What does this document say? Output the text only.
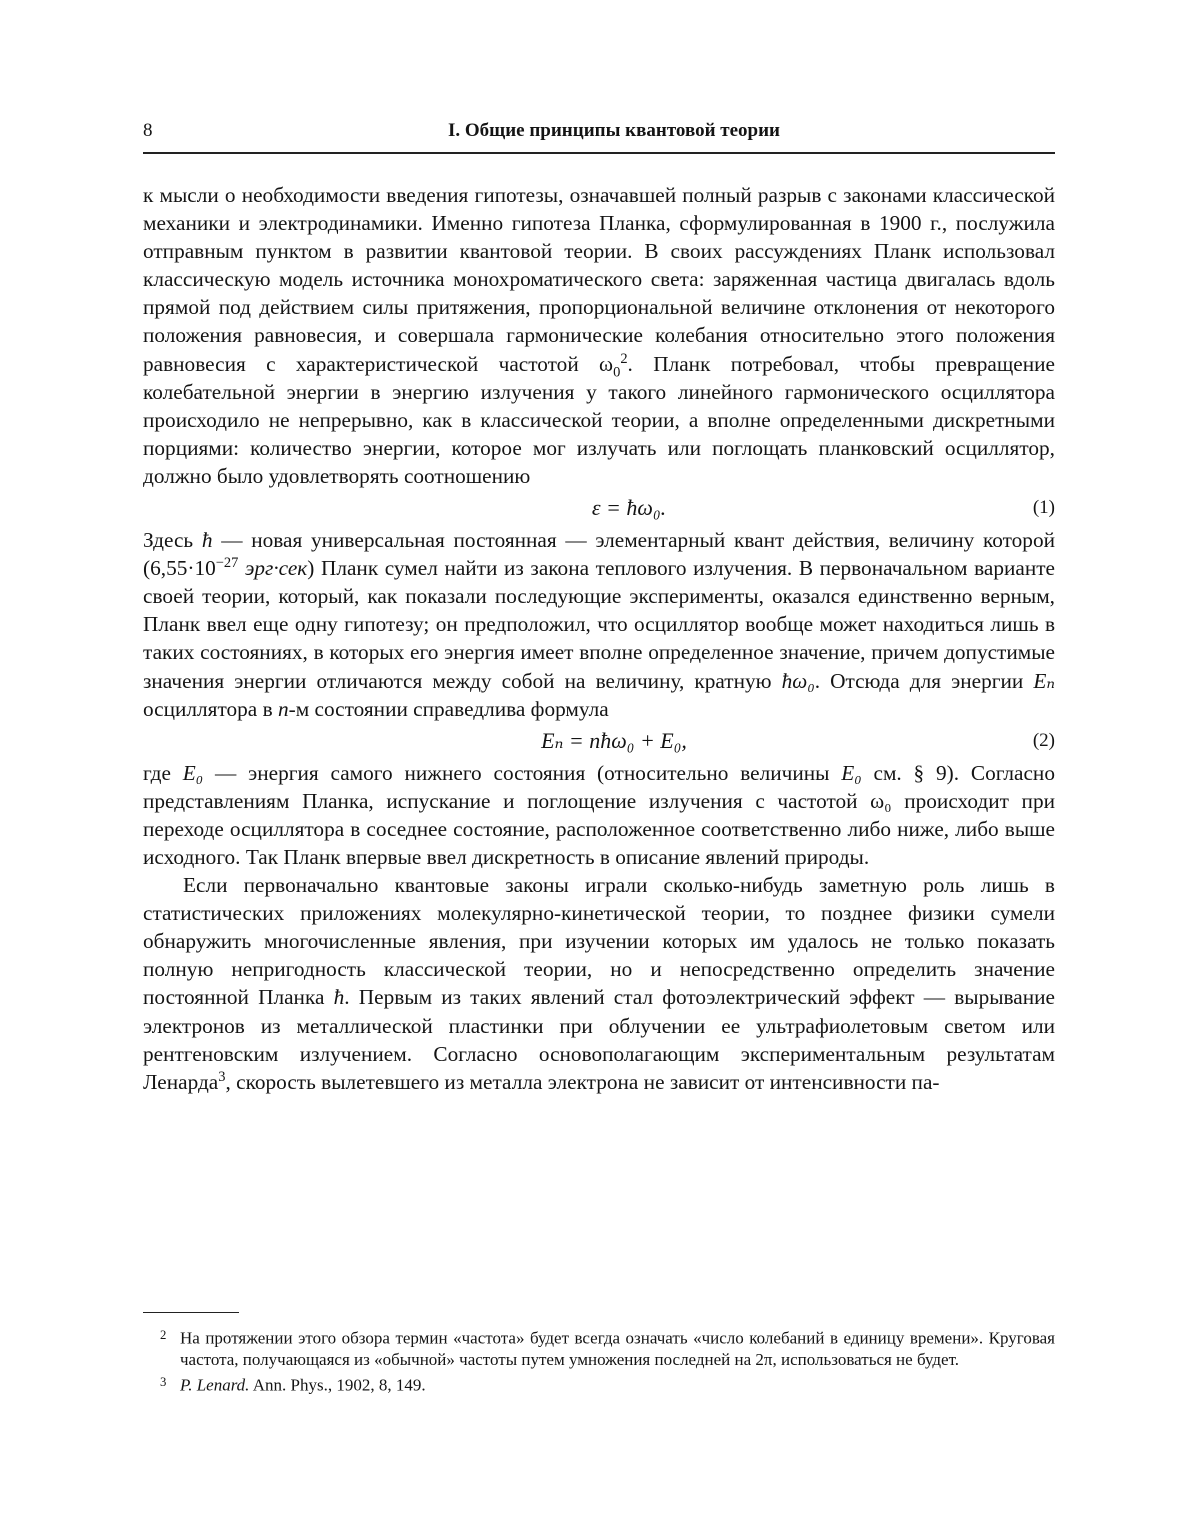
8	I. Общие принципы квантовой теории

к мысли о необходимости введения гипотезы, означавшей полный разрыв с законами классической механики и электродинамики. Именно гипотеза Планка, сформулированная в 1900 г., послужила отправным пунктом в развитии квантовой теории. В своих рассуждениях Планк использовал классическую модель источника монохроматического света: заряженная частица двигалась вдоль прямой под действием силы притяжения, пропорциональной величине отклонения от некоторого положения равновесия, и совершала гармонические колебания относительно этого положения равновесия с характеристической частотой $\omega_0^2$. Планк потребовал, чтобы превращение колебательной энергии в энергию излучения у такого линейного гармонического осциллятора происходило не непрерывно, как в классической теории, а вполне определенными дискретными порциями: количество энергии, которое мог излучать или поглощать планковский осциллятор, должно было удовлетворять соотношению

ε = ħω₀.	(1)

Здесь ħ — новая универсальная постоянная — элементарный квант действия, величину которой ($6,55\cdot 10^{-27}$ эрг·сек) Планк сумел найти из закона теплового излучения. В первоначальном варианте своей теории, который, как показали последующие эксперименты, оказался единственно верным, Планк ввел еще одну гипотезу; он предположил, что осциллятор вообще может находиться лишь в таких состояниях, в которых его энергия имеет вполне определенное значение, причем допустимые значения энергии отличаются между собой на величину, кратную ħω₀. Отсюда для энергии Eₙ осциллятора в n-м состоянии справедлива формула

Eₙ = nħω₀ + E₀,	(2)

где E₀ — энергия самого нижнего состояния (относительно величины E₀ см. § 9). Согласно представлениям Планка, испускание и поглощение излучения с частотой ω₀ происходит при переходе осциллятора в соседнее состояние, расположенное соответственно либо ниже, либо выше исходного. Так Планк впервые ввел дискретность в описание явлений природы.

Если первоначально квантовые законы играли сколько-нибудь заметную роль лишь в статистических приложениях молекулярно-кинетической теории, то позднее физики сумели обнаружить многочисленные явления, при изучении которых им удалось не только показать полную непригодность классической теории, но и непосредственно определить значение постоянной Планка ħ. Первым из таких явлений стал фотоэлектрический эффект — вырывание электронов из металлической пластинки при облучении ее ультрафиолетовым светом или рентгеновским излучением. Согласно основополагающим экспериментальным результатам Ленарда$^3$, скорость вылетевшего из металла электрона не зависит от интенсивности па-

2 На протяжении этого обзора термин «частота» будет всегда означать «число колебаний в единицу времени». Круговая частота, получающаяся из «обычной» частоты путем умножения последней на 2π, использоваться не будет.

3 P. Lenard. Ann. Phys., 1902, 8, 149.
